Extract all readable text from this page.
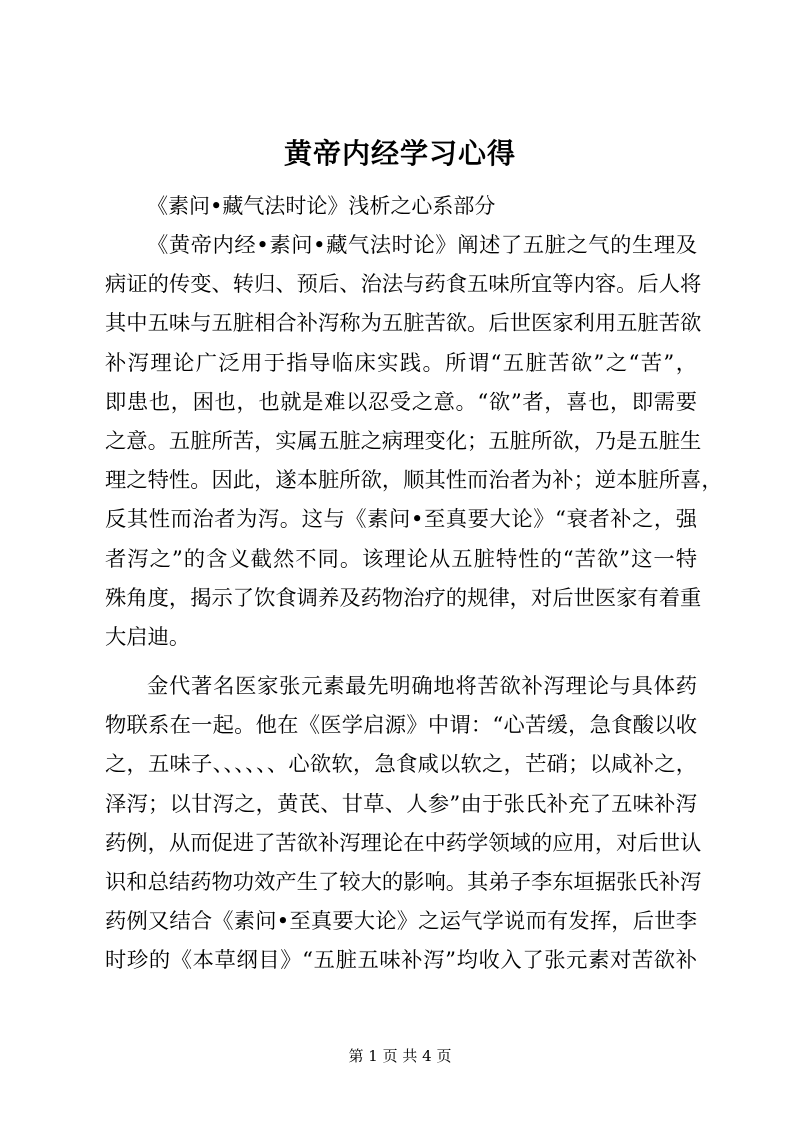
黄帝内经学习心得
《素问•藏气法时论》浅析之心系部分
《黄帝内经•素问•藏气法时论》阐述了五脏之气的生理及
病证的传变、转归、预后、治法与药食五味所宜等内容。后人将
其中五味与五脏相合补泻称为五脏苦欲。后世医家利用五脏苦欲
补泻理论广泛用于指导临床实践。所谓“五脏苦欲”之“苦”，
即患也，困也，也就是难以忍受之意。“欲”者，喜也，即需要
之意。五脏所苦，实属五脏之病理变化；五脏所欲，乃是五脏生
理之特性。因此，遂本脏所欲，顺其性而治者为补；逆本脏所喜，
反其性而治者为泻。这与《素问•至真要大论》“衰者补之，强
者泻之”的含义截然不同。该理论从五脏特性的“苦欲”这一特
殊角度，揭示了饮食调养及药物治疗的规律，对后世医家有着重
大启迪。
金代著名医家张元素最先明确地将苦欲补泻理论与具体药
物联系在一起。他在《医学启源》中谓：“心苦缓，急食酸以收
之，五味子、、、、、、心欲软，急食咸以软之，芒硝；以咸补之，
泽泻；以甘泻之，黄芪、甘草、人参”由于张氏补充了五味补泻
药例，从而促进了苦欲补泻理论在中药学领域的应用，对后世认
识和总结药物功效产生了较大的影响。其弟子李东垣据张氏补泻
药例又结合《素问•至真要大论》之运气学说而有发挥，后世李
时珍的《本草纲目》“五脏五味补泻”均收入了张元素对苦欲补
第 1 页 共 4 页
